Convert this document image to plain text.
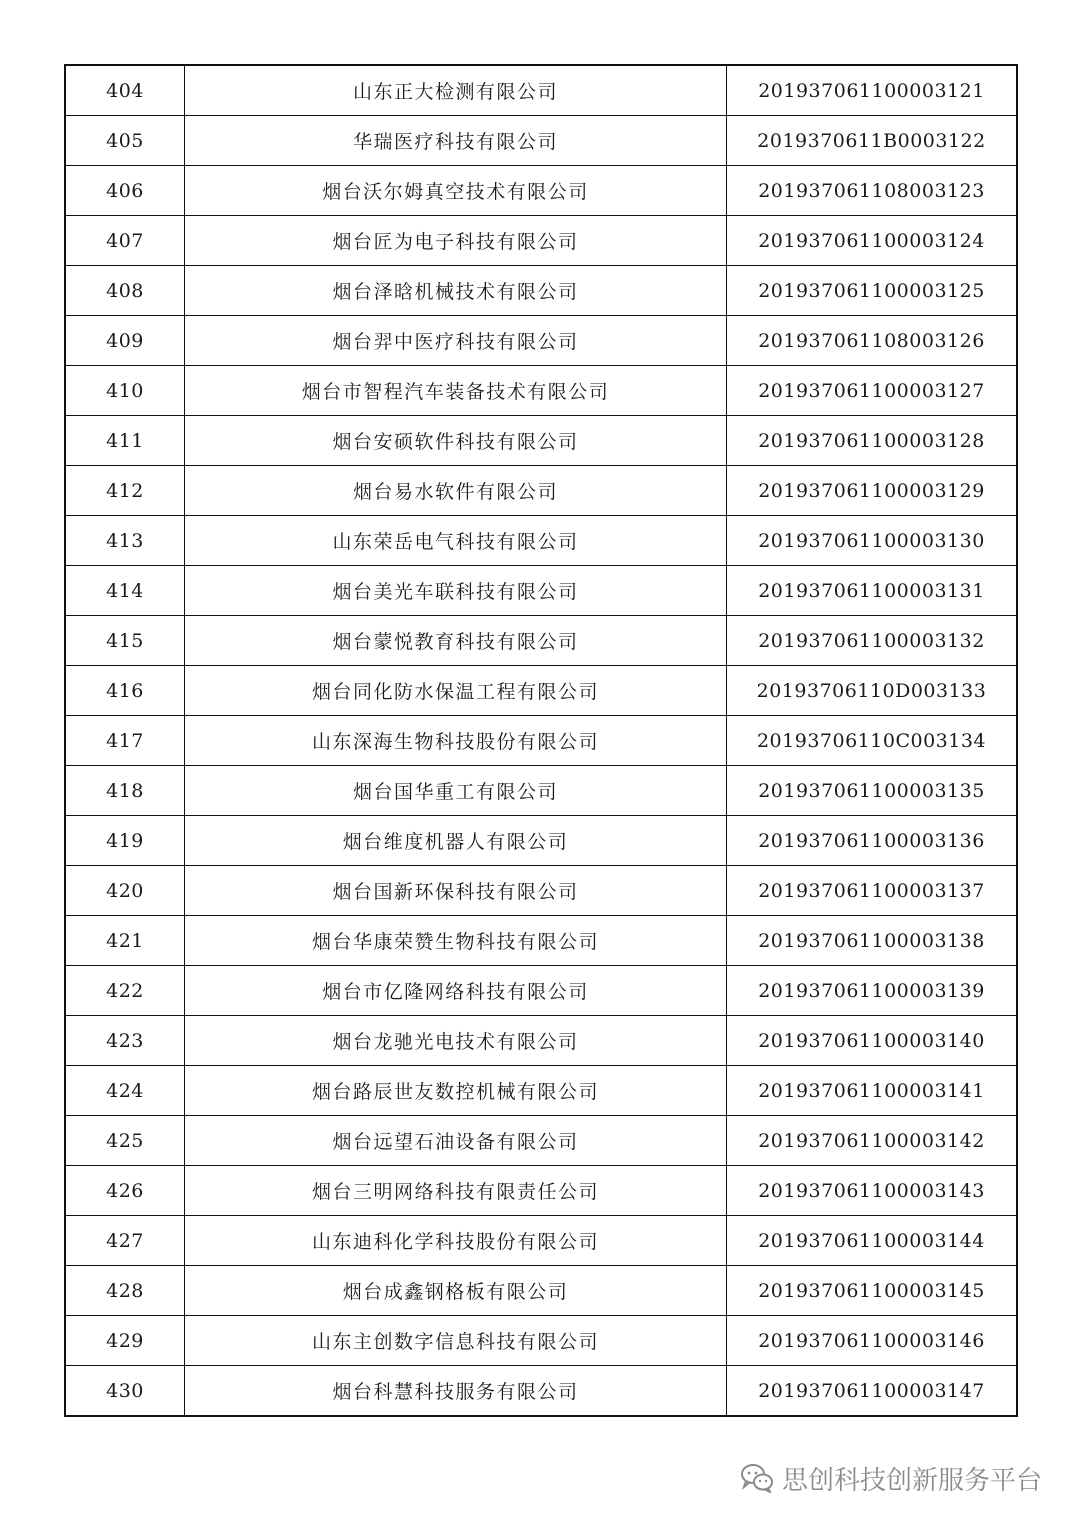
404	山东正大检测有限公司	201937061100003121
405	华瑞医疗科技有限公司	2019370611B0003122
406	烟台沃尔姆真空技术有限公司	201937061108003123
407	烟台匠为电子科技有限公司	201937061100003124
408	烟台泽晗机械技术有限公司	201937061100003125
409	烟台羿中医疗科技有限公司	201937061108003126
410	烟台市智程汽车装备技术有限公司	201937061100003127
411	烟台安硕软件科技有限公司	201937061100003128
412	烟台易水软件有限公司	201937061100003129
413	山东荣岳电气科技有限公司	201937061100003130
414	烟台美光车联科技有限公司	201937061100003131
415	烟台蒙悦教育科技有限公司	201937061100003132
416	烟台同化防水保温工程有限公司	20193706110D003133
417	山东深海生物科技股份有限公司	20193706110C003134
418	烟台国华重工有限公司	201937061100003135
419	烟台维度机器人有限公司	201937061100003136
420	烟台国新环保科技有限公司	201937061100003137
421	烟台华康荣赞生物科技有限公司	201937061100003138
422	烟台市亿隆网络科技有限公司	201937061100003139
423	烟台龙驰光电技术有限公司	201937061100003140
424	烟台路辰世友数控机械有限公司	201937061100003141
425	烟台远望石油设备有限公司	201937061100003142
426	烟台三明网络科技有限责任公司	201937061100003143
427	山东迪科化学科技股份有限公司	201937061100003144
428	烟台成鑫钢格板有限公司	201937061100003145
429	山东主创数字信息科技有限公司	201937061100003146
430	烟台科慧科技服务有限公司	201937061100003147
思创科技创新服务平台
